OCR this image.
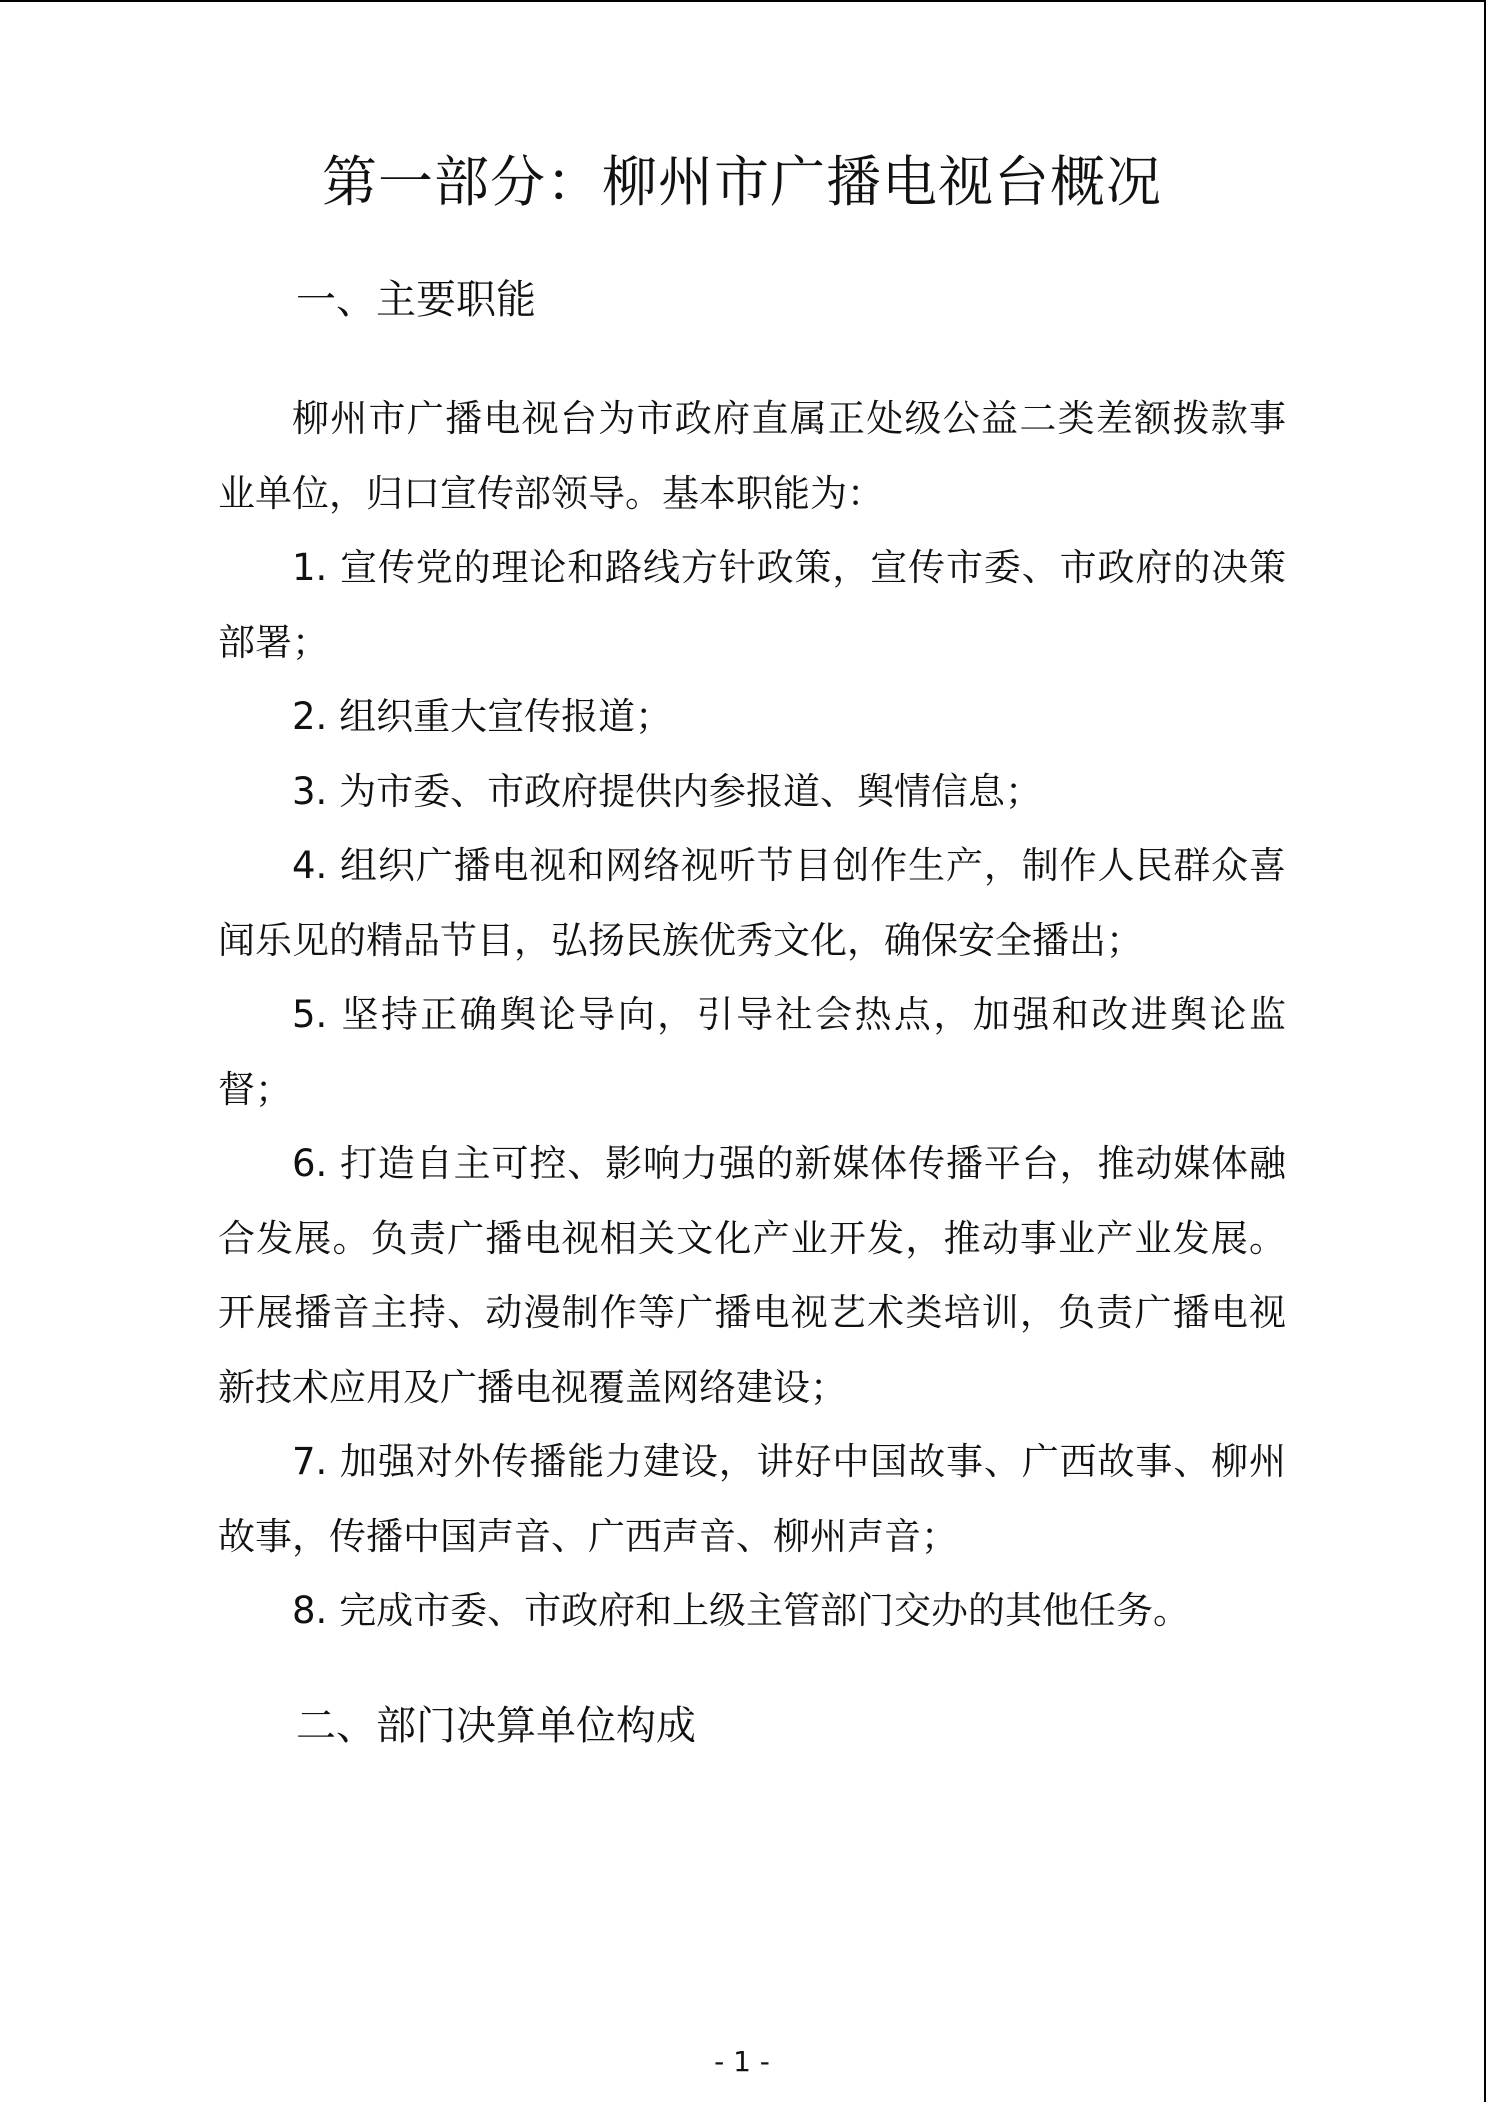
第一部分：柳州市广播电视台概况
一、主要职能

柳州市广播电视台为市政府直属正处级公益二类差额拨款事业单位，归口宣传部领导。基本职能为：

1. 宣传党的理论和路线方针政策，宣传市委、市政府的决策部署；

2. 组织重大宣传报道；

3. 为市委、市政府提供内参报道、舆情信息；

4. 组织广播电视和网络视听节目创作生产，制作人民群众喜闻乐见的精品节目，弘扬民族优秀文化，确保安全播出；

5. 坚持正确舆论导向，引导社会热点，加强和改进舆论监督；

6. 打造自主可控、影响力强的新媒体传播平台，推动媒体融合发展。负责广播电视相关文化产业开发，推动事业产业发展。开展播音主持、动漫制作等广播电视艺术类培训，负责广播电视新技术应用及广播电视覆盖网络建设；

7. 加强对外传播能力建设，讲好中国故事、广西故事、柳州故事，传播中国声音、广西声音、柳州声音；

8. 完成市委、市政府和上级主管部门交办的其他任务。

二、部门决算单位构成
- 1 -
